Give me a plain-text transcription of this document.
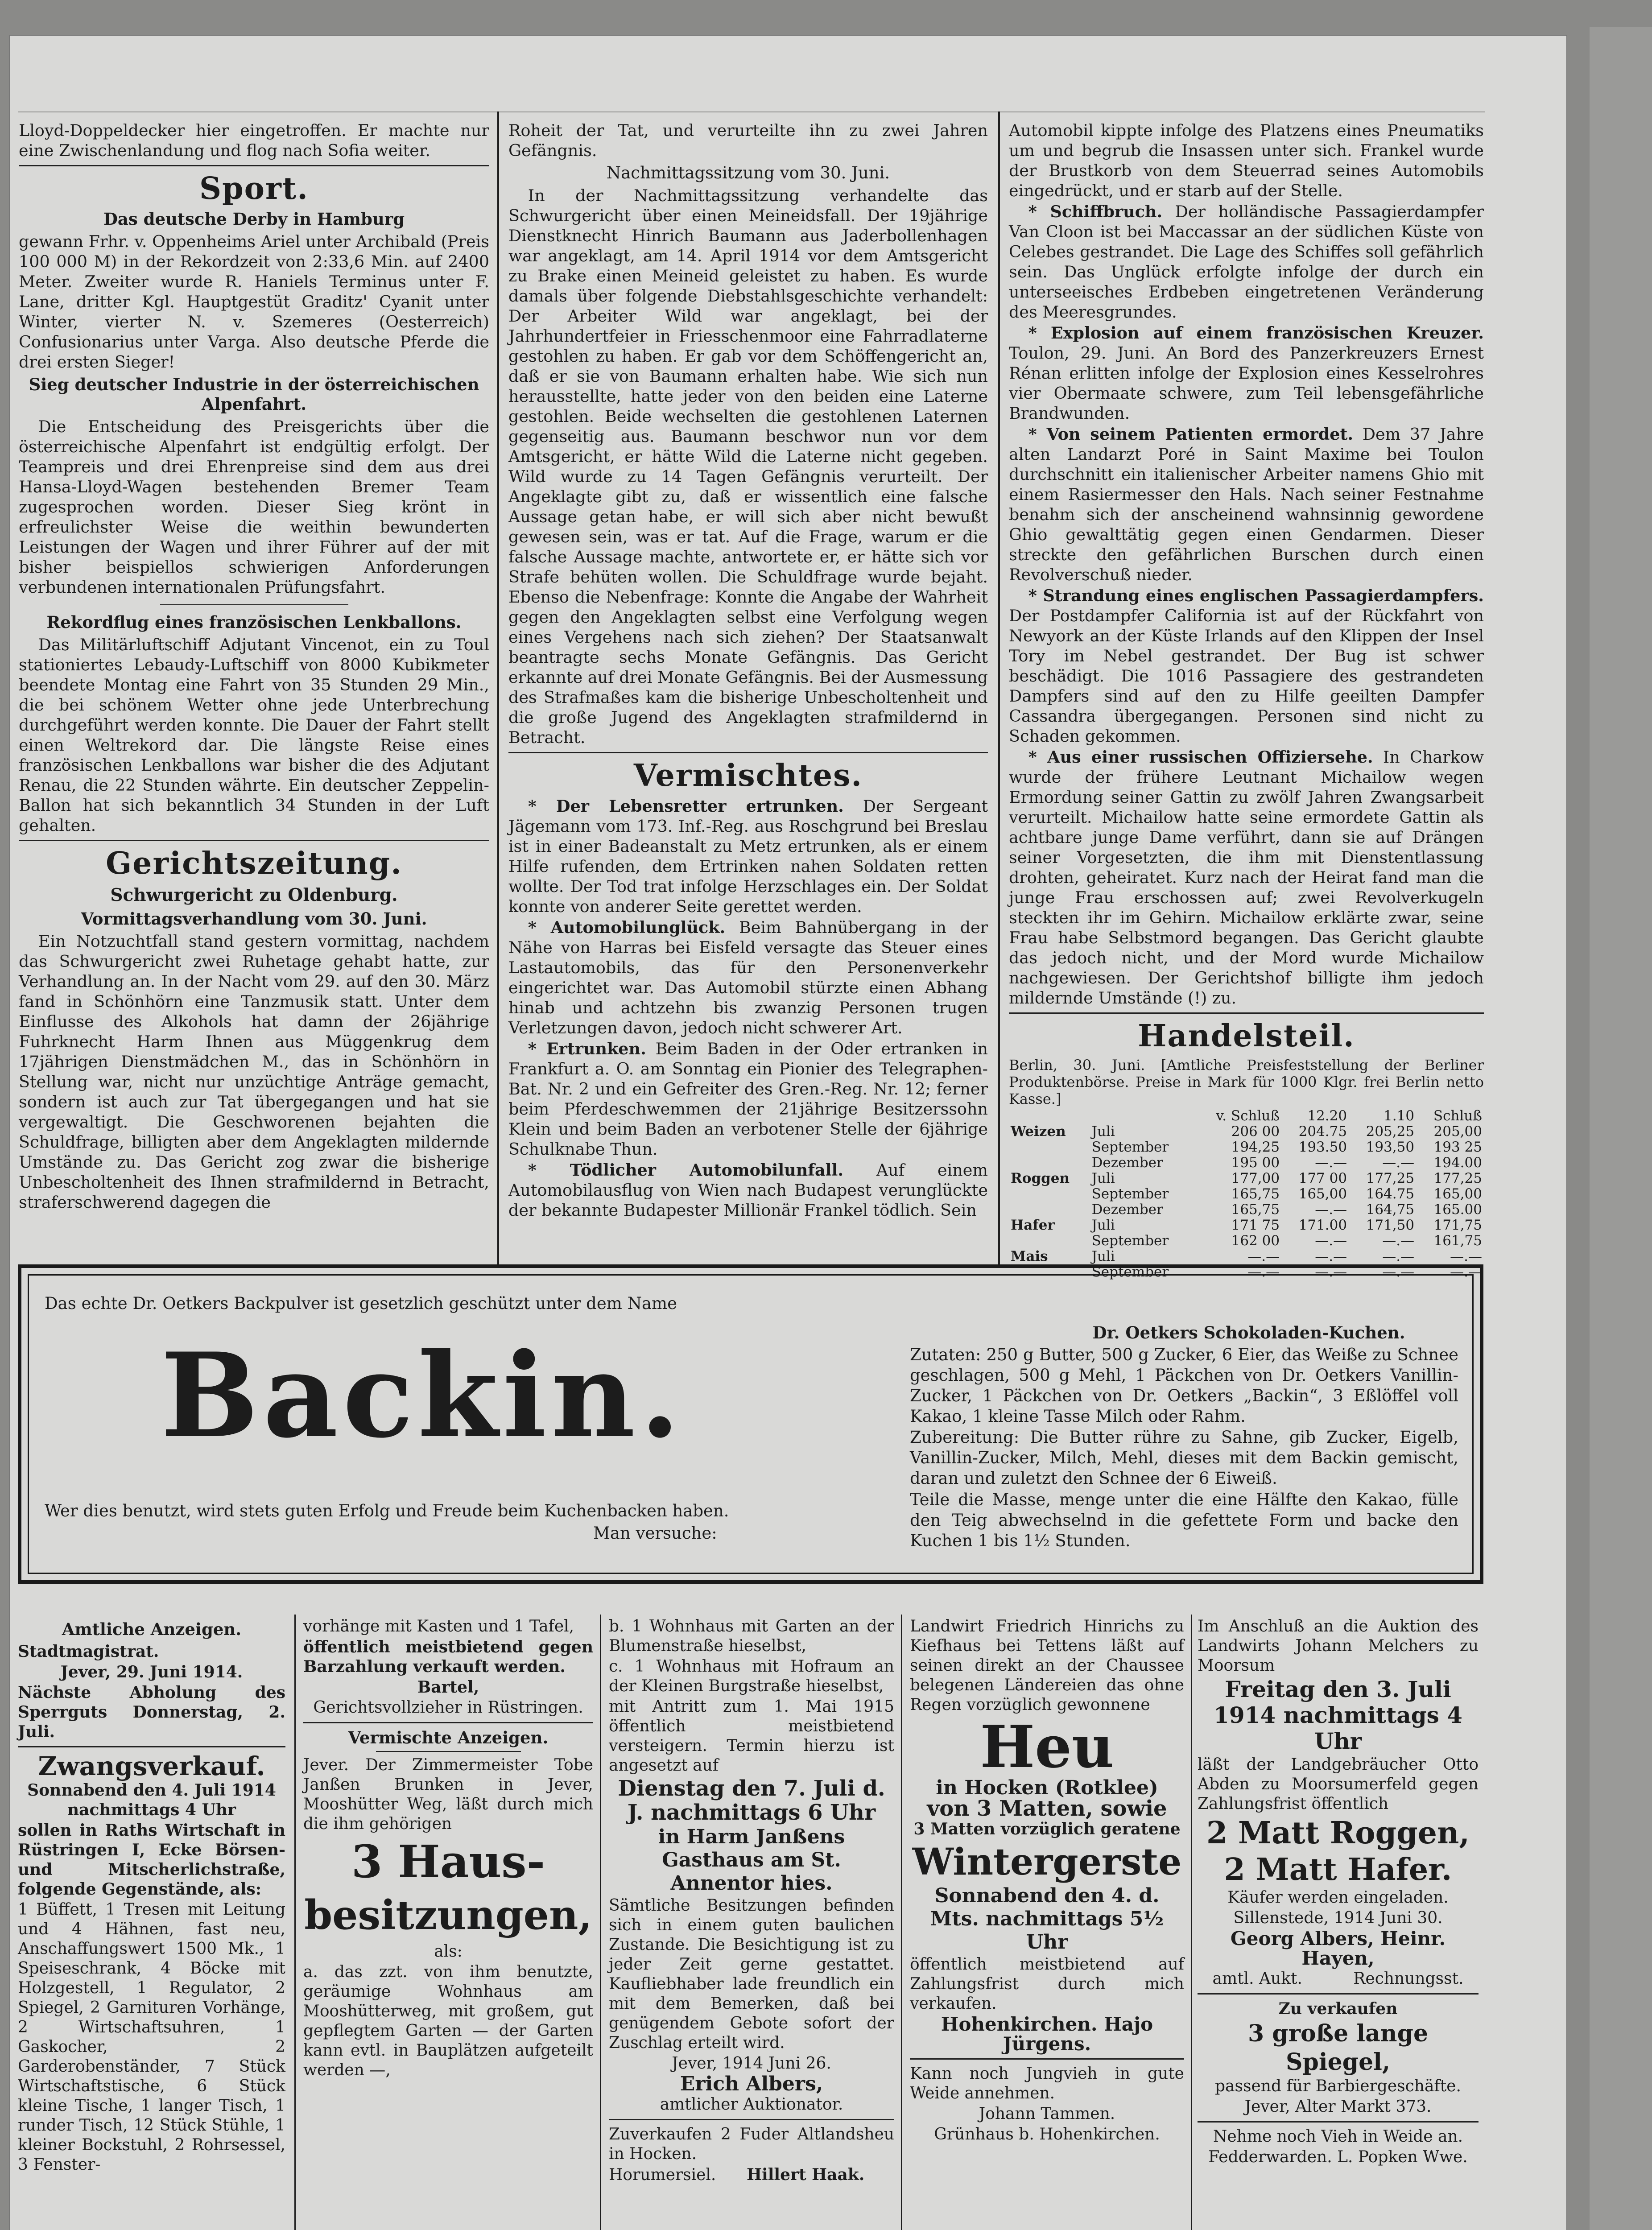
Lloyd-Doppeldecker hier eingetroffen. Er machte nur eine Zwischenlandung und flog nach Sofia weiter.

Sport.
Das deutsche Derby in Hamburg

gewann Frhr. v. Oppenheims Ariel unter Archibald (Preis 100 000 M) in der Rekordzeit von 2:33,6 Min. auf 2400 Meter. Zweiter wurde R. Haniels Terminus unter F. Lane, dritter Kgl. Hauptgestüt Graditz' Cyanit unter Winter, vierter N. v. Szemeres (Oesterreich) Confusionarius unter Varga. Also deutsche Pferde die drei ersten Sieger!

Sieg deutscher Industrie in der österreichischen Alpenfahrt.

Die Entscheidung des Preisgerichts über die österreichische Alpenfahrt ist endgültig erfolgt. Der Teampreis und drei Ehrenpreise sind dem aus drei Hansa-Lloyd-Wagen bestehenden Bremer Team zugesprochen worden. Dieser Sieg krönt in erfreulichster Weise die weithin bewunderten Leistungen der Wagen und ihrer Führer auf der mit bisher beispiellos schwierigen Anforderungen verbundenen internationalen Prüfungsfahrt.

Rekordflug eines französischen Lenkballons.

Das Militärluftschiff Adjutant Vincenot, ein zu Toul stationiertes Lebaudy-Luftschiff von 8000 Kubikmeter beendete Montag eine Fahrt von 35 Stunden 29 Min., die bei schönem Wetter ohne jede Unterbrechung durchgeführt werden konnte. Die Dauer der Fahrt stellt einen Weltrekord dar. Die längste Reise eines französischen Lenkballons war bisher die des Adjutant Renau, die 22 Stunden währte. Ein deutscher Zeppelin-Ballon hat sich bekanntlich 34 Stunden in der Luft gehalten.

Gerichtszeitung.
Schwurgericht zu Oldenburg.
Vormittagsverhandlung vom 30. Juni.

Ein Notzuchtfall stand gestern vormittag, nachdem das Schwurgericht zwei Ruhetage gehabt hatte, zur Verhandlung an. In der Nacht vom 29. auf den 30. März fand in Schönhörn eine Tanzmusik statt. Unter dem Einflusse des Alkohols hat damn der 26jährige Fuhrknecht Harm Ihnen aus Müggenkrug dem 17jährigen Dienstmädchen M., das in Schönhörn in Stellung war, nicht nur unzüchtige Anträge gemacht, sondern ist auch zur Tat übergegangen und hat sie vergewaltigt. Die Geschworenen bejahten die Schuldfrage, billigten aber dem Angeklagten mildernde Umstände zu. Das Gericht zog zwar die bisherige Unbescholtenheit des Ihnen strafmildernd in Betracht, straferschwerend dagegen die

Roheit der Tat, und verurteilte ihn zu zwei Jahren Gefängnis.

Nachmittagssitzung vom 30. Juni.

In der Nachmittagssitzung verhandelte das Schwurgericht über einen Meineidsfall. Der 19jährige Dienstknecht Hinrich Baumann aus Jaderbollenhagen war angeklagt, am 14. April 1914 vor dem Amtsgericht zu Brake einen Meineid geleistet zu haben. Es wurde damals über folgende Diebstahlsgeschichte verhandelt: Der Arbeiter Wild war angeklagt, bei der Jahrhundertfeier in Friesschenmoor eine Fahrradlaterne gestohlen zu haben. Er gab vor dem Schöffengericht an, daß er sie von Baumann erhalten habe. Wie sich nun herausstellte, hatte jeder von den beiden eine Laterne gestohlen. Beide wechselten die gestohlenen Laternen gegenseitig aus. Baumann beschwor nun vor dem Amtsgericht, er hätte Wild die Laterne nicht gegeben. Wild wurde zu 14 Tagen Gefängnis verurteilt. Der Angeklagte gibt zu, daß er wissentlich eine falsche Aussage getan habe, er will sich aber nicht bewußt gewesen sein, was er tat. Auf die Frage, warum er die falsche Aussage machte, antwortete er, er hätte sich vor Strafe behüten wollen. Die Schuldfrage wurde bejaht. Ebenso die Nebenfrage: Konnte die Angabe der Wahrheit gegen den Angeklagten selbst eine Verfolgung wegen eines Vergehens nach sich ziehen? Der Staatsanwalt beantragte sechs Monate Gefängnis. Das Gericht erkannte auf drei Monate Gefängnis. Bei der Ausmessung des Strafmaßes kam die bisherige Unbescholtenheit und die große Jugend des Angeklagten strafmildernd in Betracht.

Vermischtes.

* Der Lebensretter ertrunken. Der Sergeant Jägemann vom 173. Inf.-Reg. aus Roschgrund bei Breslau ist in einer Badeanstalt zu Metz ertrunken, als er einem Hilfe rufenden, dem Ertrinken nahen Soldaten retten wollte. Der Tod trat infolge Herzschlages ein. Der Soldat konnte von anderer Seite gerettet werden.

* Automobilunglück. Beim Bahnübergang in der Nähe von Harras bei Eisfeld versagte das Steuer eines Lastautomobils, das für den Personenverkehr eingerichtet war. Das Automobil stürzte einen Abhang hinab und achtzehn bis zwanzig Personen trugen Verletzungen davon, jedoch nicht schwerer Art.

* Ertrunken. Beim Baden in der Oder ertranken in Frankfurt a. O. am Sonntag ein Pionier des Telegraphen-Bat. Nr. 2 und ein Gefreiter des Gren.-Reg. Nr. 12; ferner beim Pferdeschwemmen der 21jährige Besitzerssohn Klein und beim Baden an verbotener Stelle der 6jährige Schulknabe Thun.

* Tödlicher Automobilunfall. Auf einem Automobilausflug von Wien nach Budapest verunglückte der bekannte Budapester Millionär Frankel tödlich. Sein

Automobil kippte infolge des Platzens eines Pneumatiks um und begrub die Insassen unter sich. Frankel wurde der Brustkorb von dem Steuerrad seines Automobils eingedrückt, und er starb auf der Stelle.

* Schiffbruch. Der holländische Passagierdampfer Van Cloon ist bei Maccassar an der südlichen Küste von Celebes gestrandet. Die Lage des Schiffes soll gefährlich sein. Das Unglück erfolgte infolge der durch ein unterseeisches Erdbeben eingetretenen Veränderung des Meeresgrundes.

* Explosion auf einem französischen Kreuzer. Toulon, 29. Juni. An Bord des Panzerkreuzers Ernest Rénan erlitten infolge der Explosion eines Kesselrohres vier Obermaate schwere, zum Teil lebensgefährliche Brandwunden.

* Von seinem Patienten ermordet. Dem 37 Jahre alten Landarzt Poré in Saint Maxime bei Toulon durchschnitt ein italienischer Arbeiter namens Ghio mit einem Rasiermesser den Hals. Nach seiner Festnahme benahm sich der anscheinend wahnsinnig gewordene Ghio gewalttätig gegen einen Gendarmen. Dieser streckte den gefährlichen Burschen durch einen Revolverschuß nieder.

* Strandung eines englischen Passagierdampfers. Der Postdampfer California ist auf der Rückfahrt von Newyork an der Küste Irlands auf den Klippen der Insel Tory im Nebel gestrandet. Der Bug ist schwer beschädigt. Die 1016 Passagiere des gestrandeten Dampfers sind auf den zu Hilfe geeilten Dampfer Cassandra übergegangen. Personen sind nicht zu Schaden gekommen.

* Aus einer russischen Offiziersehe. In Charkow wurde der frühere Leutnant Michailow wegen Ermordung seiner Gattin zu zwölf Jahren Zwangsarbeit verurteilt. Michailow hatte seine ermordete Gattin als achtbare junge Dame verführt, dann sie auf Drängen seiner Vorgesetzten, die ihm mit Dienstentlassung drohten, geheiratet. Kurz nach der Heirat fand man die junge Frau erschossen auf; zwei Revolverkugeln steckten ihr im Gehirn. Michailow erklärte zwar, seine Frau habe Selbstmord begangen. Das Gericht glaubte das jedoch nicht, und der Mord wurde Michailow nachgewiesen. Der Gerichtshof billigte ihm jedoch mildernde Umstände (!) zu.

Handelsteil.

Berlin, 30. Juni. [Amtliche Preisfeststellung der Berliner Produktenbörse. Preise in Mark für 1000 Klgr. frei Berlin netto Kasse.]

		v. Schluß	12.20	1.10	Schluß
Weizen	Juli	206 00	204.75	205,25	205,00
	September	194,25	193.50	193,50	193 25
	Dezember	195 00	—.—	—.—	194.00
Roggen	Juli	177,00	177 00	177,25	177,25
	September	165,75	165,00	164.75	165,00
	Dezember	165,75	—.—	164,75	165.00
Hafer	Juli	171 75	171.00	171,50	171,75
	September	162 00	—.—	—.—	161,75
Mais	Juli	—.—	—.—	—.—	—.—
	September	—.—	—.—	—.—	—.—
Das echte Dr. Oetkers Backpulver ist gesetzlich geschützt unter dem Name
Backin.
Wer dies benutzt, wird stets guten Erfolg und Freude beim Kuchenbacken haben.
Man versuche:
Dr. Oetkers Schokoladen-Kuchen.
Zutaten: 250 g Butter, 500 g Zucker, 6 Eier, das Weiße zu Schnee geschlagen, 500 g Mehl, 1 Päckchen von Dr. Oetkers Vanillin-Zucker, 1 Päckchen von Dr. Oetkers „Backin“, 3 Eßlöffel voll Kakao, 1 kleine Tasse Milch oder Rahm.
Zubereitung: Die Butter rühre zu Sahne, gib Zucker, Eigelb, Vanillin-Zucker, Milch, Mehl, dieses mit dem Backin gemischt, daran und zuletzt den Schnee der 6 Eiweiß.
Teile die Masse, menge unter die eine Hälfte den Kakao, fülle den Teig abwechselnd in die gefettete Form und backe den Kuchen 1 bis 1½ Stunden.
Amtliche Anzeigen.

Stadtmagistrat.

Jever, 29. Juni 1914.

Nächste Abholung des Sperrguts Donnerstag, 2. Juli.

Zwangsverkauf.

Sonnabend den 4. Juli 1914 nachmittags 4 Uhr

sollen in Raths Wirtschaft in Rüstringen I, Ecke Börsen- und Mitscherlichstraße, folgende Gegenstände, als:

1 Büffett, 1 Tresen mit Leitung und 4 Hähnen, fast neu, Anschaffungswert 1500 Mk., 1 Speiseschrank, 4 Böcke mit Holzgestell, 1 Regulator, 2 Spiegel, 2 Garnituren Vorhänge, 2 Wirtschaftsuhren, 1 Gaskocher, 2 Garderobenständer, 7 Stück Wirtschaftstische, 6 Stück kleine Tische, 1 langer Tisch, 1 runder Tisch, 12 Stück Stühle, 1 kleiner Bockstuhl, 2 Rohrsessel, 3 Fenster-

vorhänge mit Kasten und 1 Tafel,

öffentlich meistbietend gegen Barzahlung verkauft werden.

Bartel,

Gerichtsvollzieher in Rüstringen.

Vermischte Anzeigen.

Jever. Der Zimmermeister Tobe Janßen Brunken in Jever, Mooshütter Weg, läßt durch mich die ihm gehörigen

3 Haus-
besitzungen,

als:

a. das zzt. von ihm benutzte, geräumige Wohnhaus am Mooshütterweg, mit großem, gut gepflegtem Garten — der Garten kann evtl. in Bauplätzen aufgeteilt werden —,

b. 1 Wohnhaus mit Garten an der Blumenstraße hieselbst,

c. 1 Wohnhaus mit Hofraum an der Kleinen Burgstraße hieselbst,

mit Antritt zum 1. Mai 1915 öffentlich meistbietend versteigern. Termin hierzu ist angesetzt auf

Dienstag den 7. Juli d. J. nachmittags 6 Uhr

in Harm Janßens Gasthaus am St. Annentor hies.

Sämtliche Besitzungen befinden sich in einem guten baulichen Zustande. Die Besichtigung ist zu jeder Zeit gerne gestattet. Kaufliebhaber lade freundlich ein mit dem Bemerken, daß bei genügendem Gebote sofort der Zuschlag erteilt wird.

Jever, 1914 Juni 26.

Erich Albers,

amtlicher Auktionator.

Zuverkaufen 2 Fuder Altlandsheu in Hocken.

Horumersiel. Hillert Haak.

Landwirt Friedrich Hinrichs zu Kiefhaus bei Tettens läßt auf seinen direkt an der Chaussee belegenen Ländereien das ohne Regen vorzüglich gewonnene

Heu

in Hocken (Rotklee)

von 3 Matten, sowie

3 Matten vorzüglich geratene

Wintergerste

Sonnabend den 4. d. Mts. nachmittags 5½ Uhr

öffentlich meistbietend auf Zahlungsfrist durch mich verkaufen.

Hohenkirchen. Hajo Jürgens.

Kann noch Jungvieh in gute Weide annehmen.

Johann Tammen.

Grünhaus b. Hohenkirchen.

Im Anschluß an die Auktion des Landwirts Johann Melchers zu Moorsum

Freitag den 3. Juli 1914 nachmittags 4 Uhr

läßt der Landgebräucher Otto Abden zu Moorsumerfeld gegen Zahlungsfrist öffentlich

2 Matt Roggen,
2 Matt Hafer.

Käufer werden eingeladen.

Sillenstede, 1914 Juni 30.

Georg Albers, Heinr. Hayen,

amtl. Aukt.          Rechnungsst.

Zu verkaufen

3 große lange Spiegel,

passend für Barbiergeschäfte.

Jever, Alter Markt 373.

Nehme noch Vieh in Weide an.

Fedderwarden. L. Popken Wwe.
